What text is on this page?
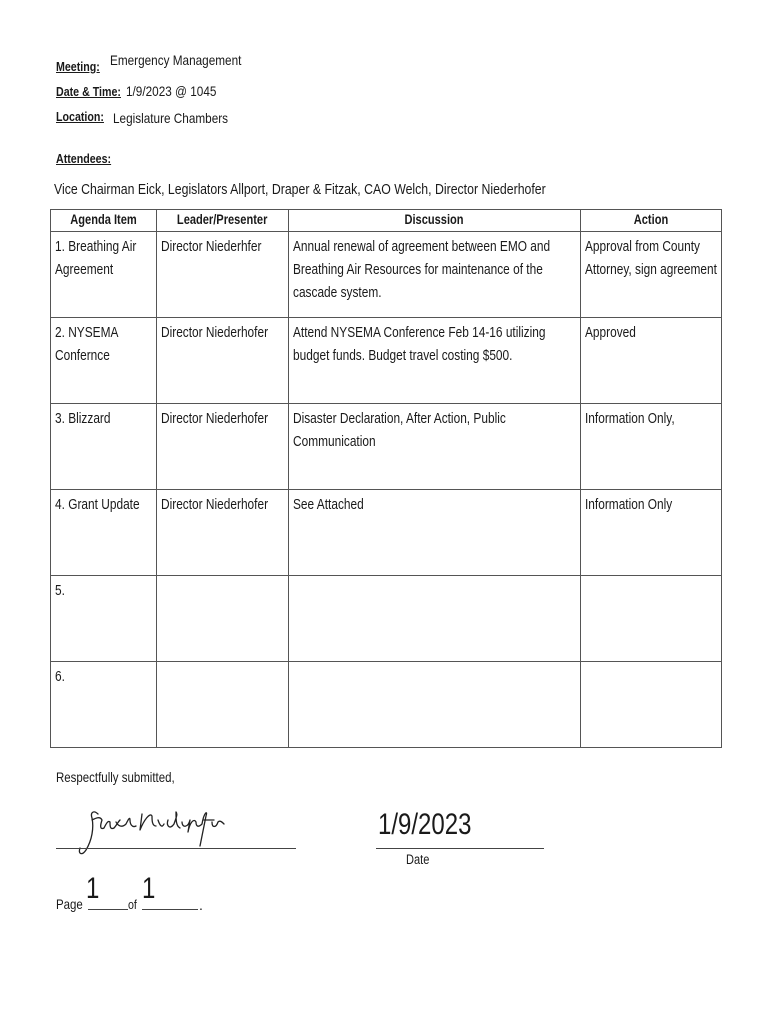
Meeting: Emergency Management
Date & Time: 1/9/2023 @ 1045
Location: Legislature Chambers
Attendees:
Vice Chairman Eick, Legislators Allport, Draper & Fitzak, CAO Welch, Director Niederhofer
Agenda Item	Leader/Presenter	Discussion	Action

1. Breathing Air Agreement	Director Niederhfer	Annual renewal of agreement between EMO and Breathing Air Resources for maintenance of the cascade system.	Approval from County Attorney, sign agreement

2. NYSEMA Confernce	Director Niederhofer	Attend NYSEMA Conference Feb 14-16 utilizing budget funds. Budget travel costing $500.	Approved

3. Blizzard	Director Niederhofer	Disaster Declaration, After Action, Public Communication	Information Only,

4. Grant Update	Director Niederhofer	See Attached	Information Only

5.			

6.			

Respectfully submitted,
1/9/2023
Date
Page 1 of 1	.
